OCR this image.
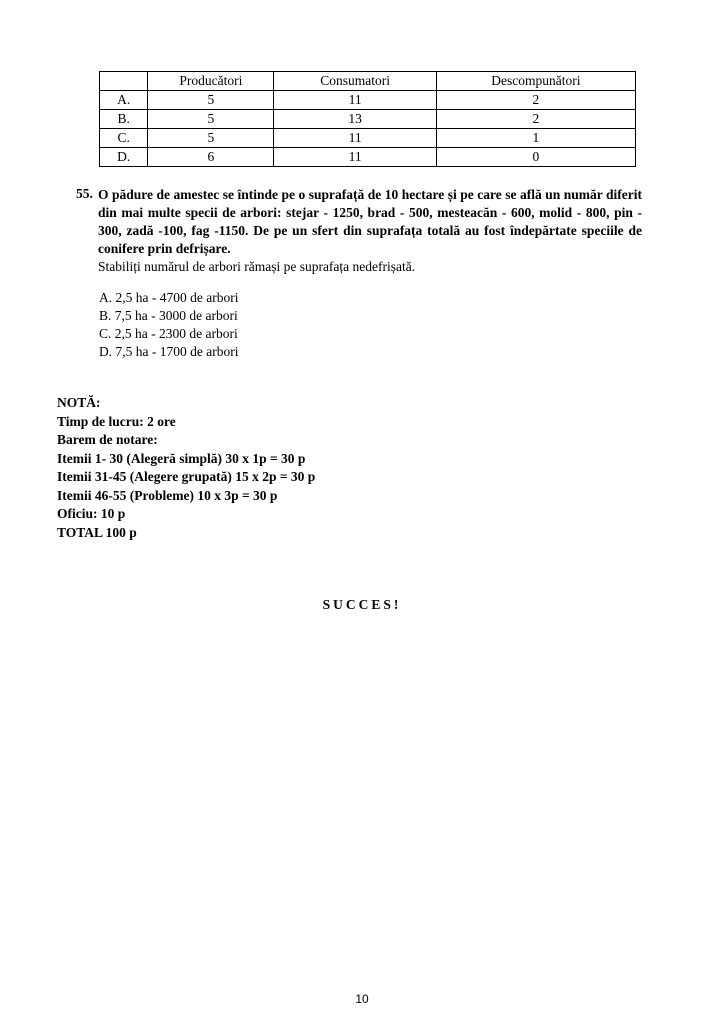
	Producători	Consumatori	Descompunători
A.	5	11	2
B.	5	13	2
C.	5	11	1
D.	6	11	0
55. O pădure de amestec se întinde pe o suprafață de 10 hectare și pe care se află un număr diferit din mai multe specii de arbori: stejar - 1250, brad - 500, mesteacăn - 600, molid - 800, pin - 300, zadă -100, fag -1150. De pe un sfert din suprafața totală au fost îndepărtate speciile de conifere prin defrișare.
Stabiliți numărul de arbori rămași pe suprafața nedefrișată.
A. 2,5 ha - 4700 de arbori
B. 7,5 ha - 3000 de arbori
C. 2,5 ha - 2300 de arbori
D. 7,5 ha - 1700 de arbori
NOTĂ:
Timp de lucru: 2 ore
Barem de notare:
Itemii 1- 30 (Alegeră simplă) 30 x 1p = 30 p
Itemii 31-45 (Alegere grupată) 15 x 2p = 30 p
Itemii 46-55 (Probleme) 10 x 3p = 30 p
Oficiu: 10 p
TOTAL 100 p
SUCCES!
10
